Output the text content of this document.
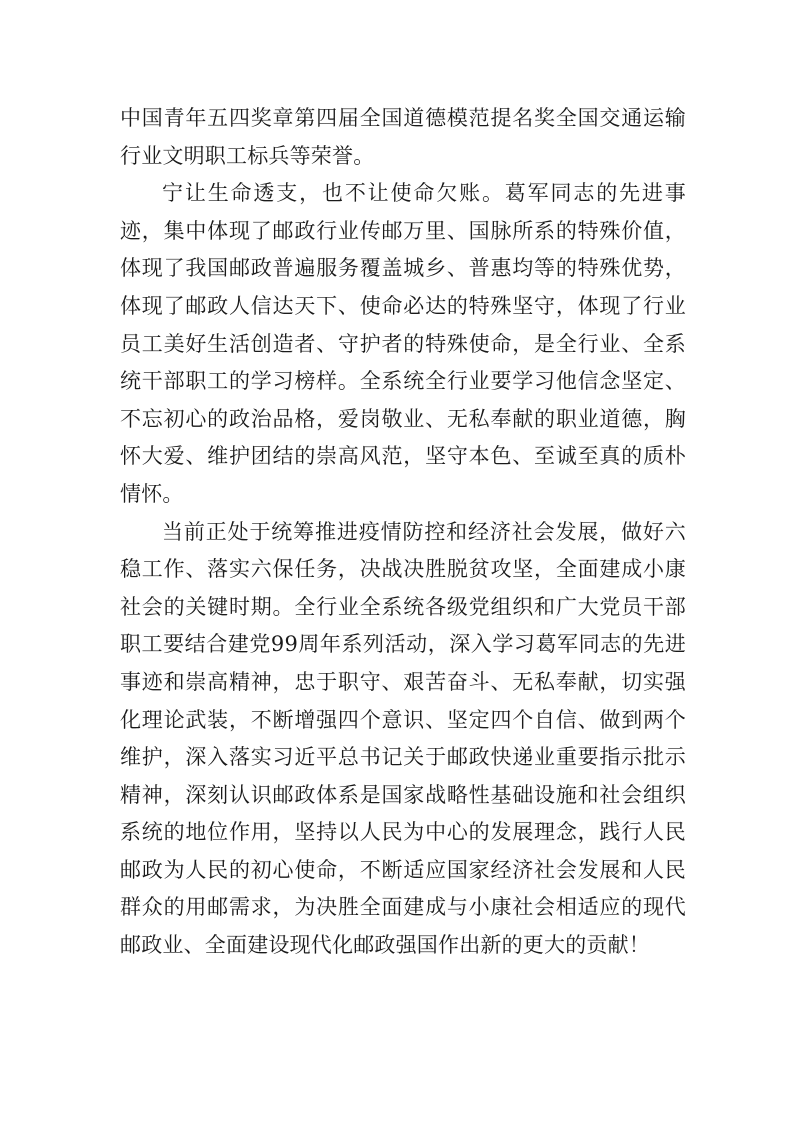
中国青年五四奖章第四届全国道德模范提名奖全国交通运输行业文明职工标兵等荣誉。

宁让生命透支，也不让使命欠账。葛军同志的先进事迹，集中体现了邮政行业传邮万里、国脉所系的特殊价值，体现了我国邮政普遍服务覆盖城乡、普惠均等的特殊优势，体现了邮政人信达天下、使命必达的特殊坚守，体现了行业员工美好生活创造者、守护者的特殊使命，是全行业、全系统干部职工的学习榜样。全系统全行业要学习他信念坚定、不忘初心的政治品格，爱岗敬业、无私奉献的职业道德，胸怀大爱、维护团结的崇高风范，坚守本色、至诚至真的质朴情怀。

当前正处于统筹推进疫情防控和经济社会发展，做好六稳工作、落实六保任务，决战决胜脱贫攻坚，全面建成小康社会的关键时期。全行业全系统各级党组织和广大党员干部职工要结合建党99周年系列活动，深入学习葛军同志的先进事迹和崇高精神，忠于职守、艰苦奋斗、无私奉献，切实强化理论武装，不断增强四个意识、坚定四个自信、做到两个维护，深入落实习近平总书记关于邮政快递业重要指示批示精神，深刻认识邮政体系是国家战略性基础设施和社会组织系统的地位作用，坚持以人民为中心的发展理念，践行人民邮政为人民的初心使命，不断适应国家经济社会发展和人民群众的用邮需求，为决胜全面建成与小康社会相适应的现代邮政业、全面建设现代化邮政强国作出新的更大的贡献！
